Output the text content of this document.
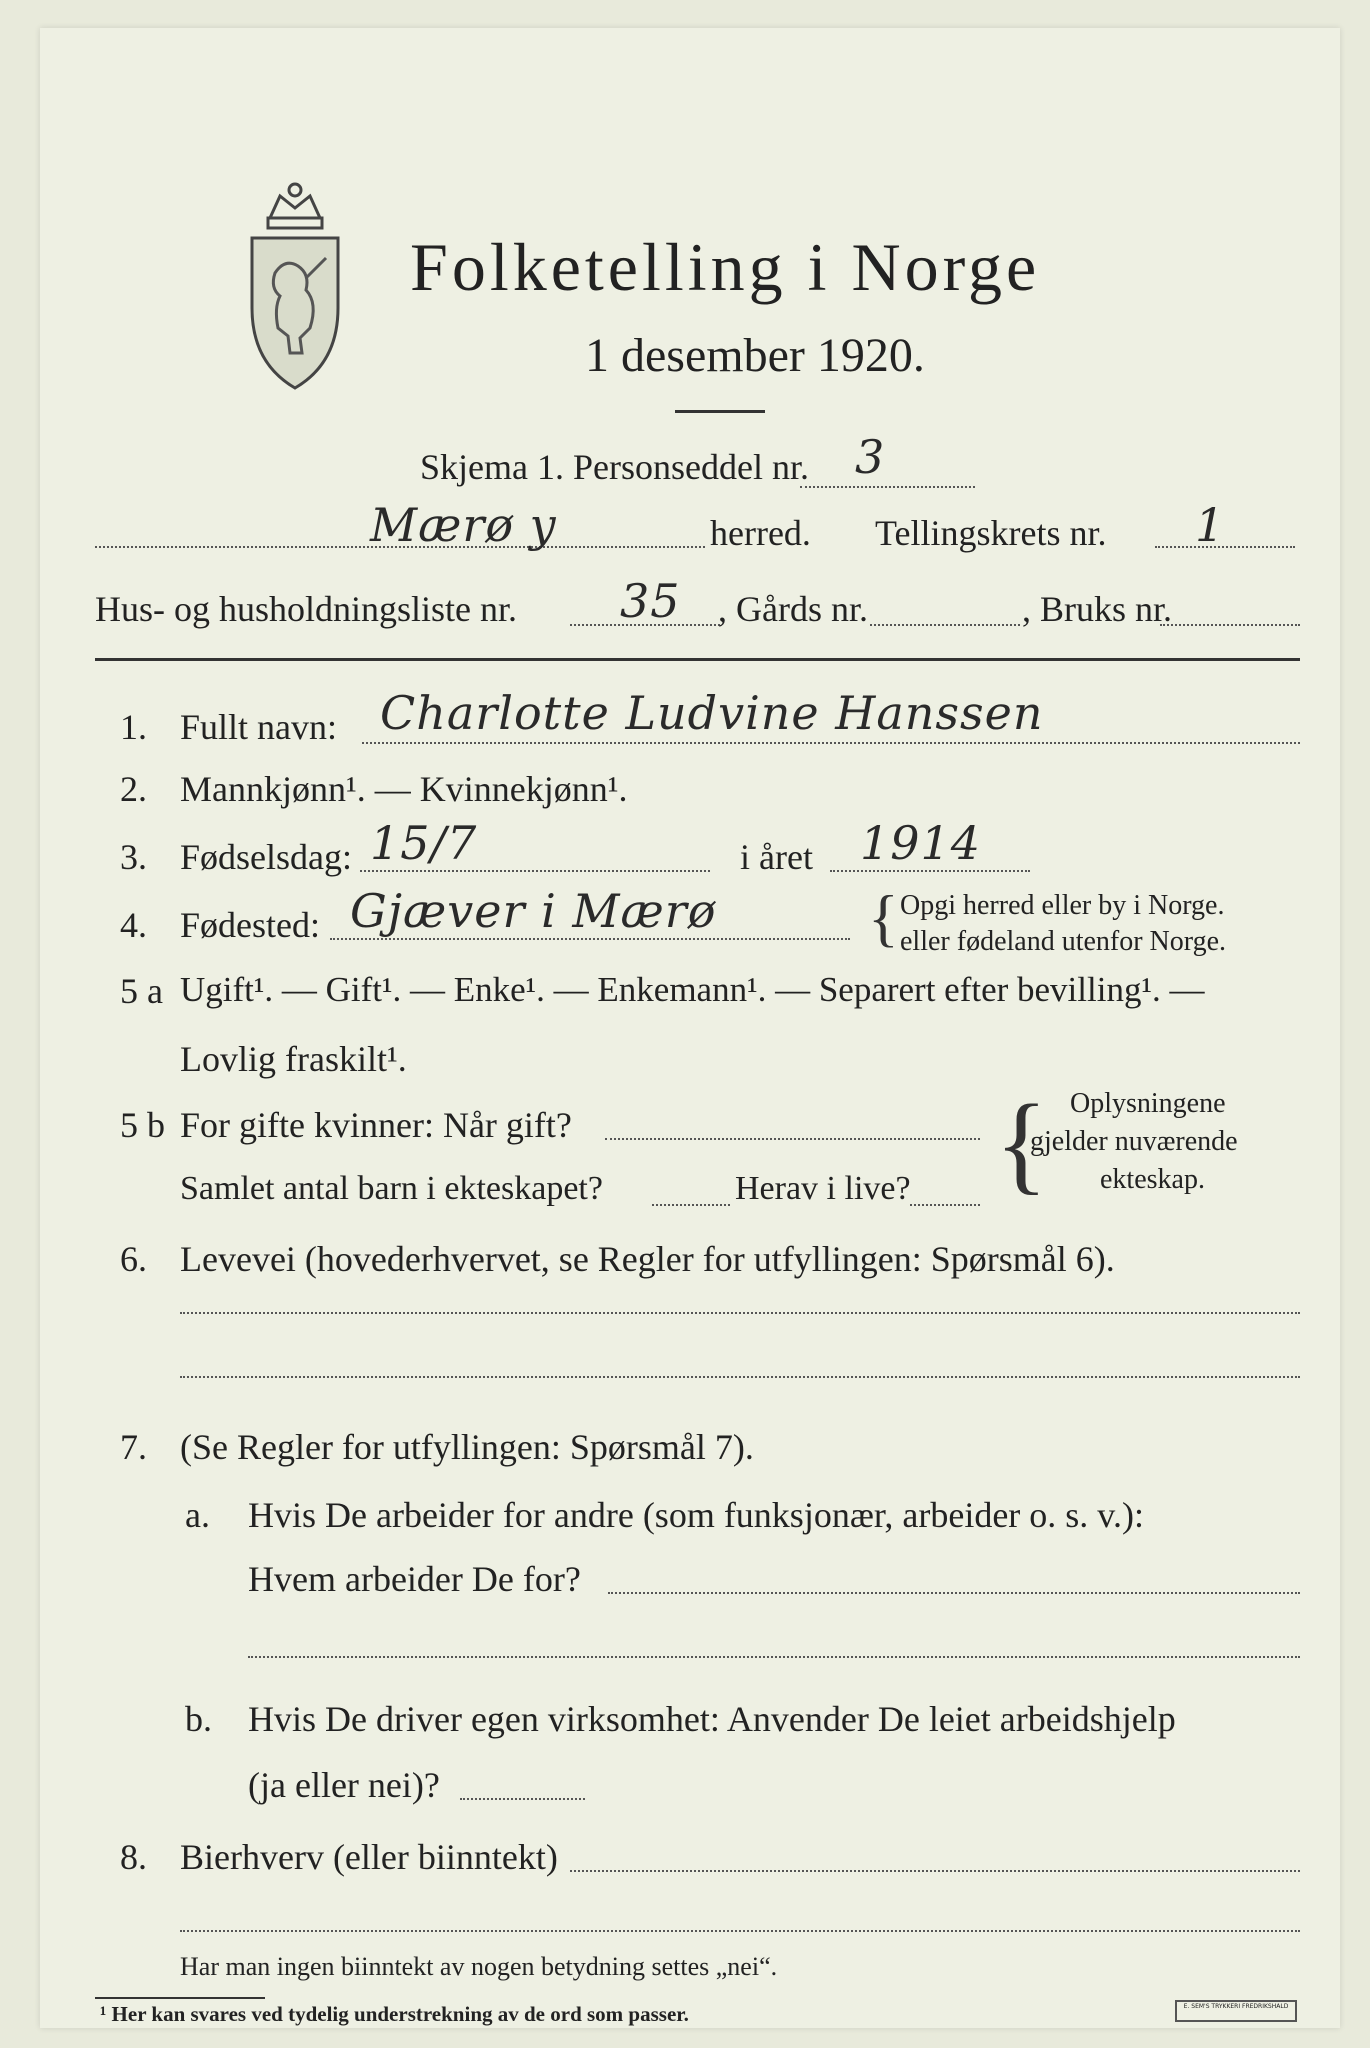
Folketelling i Norge
1 desember 1920.
Skjema 1. Personseddel nr. 3
Mærø y	herred. Tellingskrets nr. 1
Hus- og husholdningsliste nr. 35 , Gårds nr.	, Bruks nr.
1. Fullt navn: Charlotte Ludvine Hanssen
2. Mannkjønn¹. — Kvinnekjønn¹.
3. Fødselsdag: 15/7	i året 1914
4. Fødested: Gjæver i Mærø { Opgi herred eller by i Norge.
eller fødeland utenfor Norge.
5 a Ugift¹. — Gift¹. — Enke¹. — Enkemann¹. — Separert efter bevilling¹. —
Lovlig fraskilt¹.
5 b For gifte kvinner: Når gift?
Samlet antal barn i ekteskapet?	Herav i live? { Oplysningene
gjelder nuværende
ekteskap.
6. Levevei (hovederhvervet, se Regler for utfyllingen: Spørsmål 6).
7. (Se Regler for utfyllingen: Spørsmål 7).
a. Hvis De arbeider for andre (som funksjonær, arbeider o. s. v.):
Hvem arbeider De for?
b. Hvis De driver egen virksomhet: Anvender De leiet arbeidshjelp
(ja eller nei)?
8. Bierhverv (eller biinntekt)
Har man ingen biinntekt av nogen betydning settes „nei“.
¹ Her kan svares ved tydelig understrekning av de ord som passer.	E. SEM'S TRYKKERI FREDRIKSHALD
